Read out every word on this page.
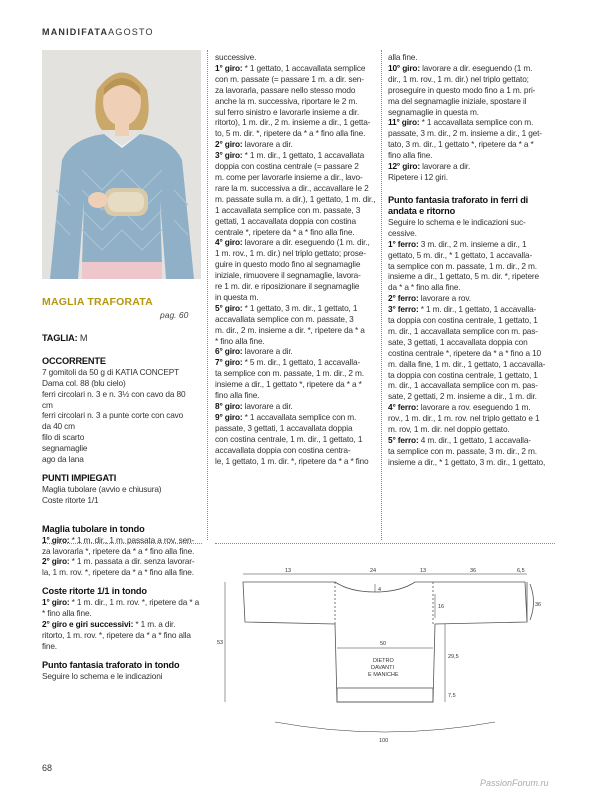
MANIDIFATAAGOSTO
MAGLIA TRAFORATA
pag. 60

TAGLIA: M

OCCORRENTE

7 gomitoli da 50 g di KATIA CONCEPT

Dama col. 88 (blu cielo)

ferri circolari n. 3 e n. 3½ con cavo da 80

cm

ferri circolari n. 3 a punte corte con cavo

da 40 cm

filo di scarto

segnamaglie

ago da lana

PUNTI IMPIEGATI

Maglia tubolare (avvio e chiusura)

Coste ritorte 1/1

Maglia tubolare in tondo

1° giro: * 1 m. dir., 1 m. passata a rov. sen-

za lavorarla *, ripetere da * a * fino alla fine.

2° giro: * 1 m. passata a dir. senza lavorar-

la, 1 m. rov. *, ripetere da * a * fino alla fine.

Coste ritorte 1/1 in tondo

1° giro: * 1 m. dir., 1 m. rov. *, ripetere da * a

* fino alla fine.

2° giro e giri successivi: * 1 m. a dir.

ritorto, 1 m. rov. *, ripetere da * a * fino alla

fine.

Punto fantasia traforato in tondo

Seguire lo schema e le indicazioni

successive.

1° giro: * 1 gettato, 1 accavallata semplice

con m. passate (= passare 1 m. a dir. sen-

za lavorarla, passare nello stesso modo

anche la m. successiva, riportare le 2 m.

sul ferro sinistro e lavorarle insieme a dir.

ritorto), 1 m. dir., 2 m. insieme a dir., 1 getta-

to, 5 m. dir. *, ripetere da * a * fino alla fine.

2° giro: lavorare a dir.

3° giro: * 1 m. dir., 1 gettato, 1 accavallata

doppia con costina centrale (= passare 2

m. come per lavorarle insieme a dir., lavo-

rare la m. successiva a dir., accavallare le 2

m. passate sulla m. a dir.), 1 gettato, 1 m. dir.,

1 accavallata semplice con m. passate, 3

gettati, 1 accavallata doppia con costina

centrale *, ripetere da * a * fino alla fine.

4° giro: lavorare a dir. eseguendo (1 m. dir.,

1 m. rov., 1 m. dir.) nel triplo gettato; prose-

guire in questo modo fino al segnamaglie

iniziale, rimuovere il segnamaglie, lavora-

re 1 m. dir. e riposizionare il segnamaglie

in questa m.

5° giro: * 1 gettato, 3 m. dir., 1 gettato, 1

accavallata semplice con m. passate, 3

m. dir., 2 m. insieme a dir. *, ripetere da * a

* fino alla fine.

6° giro: lavorare a dir.

7° giro: * 5 m. dir., 1 gettato, 1 accavalla-

ta semplice con m. passate, 1 m. dir., 2 m.

insieme a dir., 1 gettato *, ripetere da * a *

fino alla fine.

8° giro: lavorare a dir.

9° giro: * 1 accavallata semplice con m.

passate, 3 gettati, 1 accavallata doppia

con costina centrale, 1 m. dir., 1 gettato, 1

accavallata doppia con costina centra-

le, 1 gettato, 1 m. dir. *, ripetere da * a * fino

alla fine.

10° giro: lavorare a dir. eseguendo (1 m.

dir., 1 m. rov., 1 m. dir.) nel triplo gettato;

proseguire in questo modo fino a 1 m. pri-

ma del segnamaglie iniziale, spostare il

segnamaglie in questa m.

11° giro: * 1 accavallata semplice con m.

passate, 3 m. dir., 2 m. insieme a dir., 1 get-

tato, 3 m. dir., 1 gettato *, ripetere da * a *

fino alla fine.

12° giro: lavorare a dir.

Ripetere i 12 giri.

Punto fantasia traforato in ferri di
andata e ritorno

Seguire lo schema e le indicazioni suc-

cessive.

1° ferro: 3 m. dir., 2 m. insieme a dir., 1

gettato, 5 m. dir., * 1 gettato, 1 accavalla-

ta semplice con m. passate, 1 m. dir., 2 m.

insieme a dir., 1 gettato, 5 m. dir. *, ripetere

da * a * fino alla fine.

2° ferro: lavorare a rov.

3° ferro: * 1 m. dir., 1 gettato, 1 accavalla-

ta doppia con costina centrale, 1 gettato, 1

m. dir., 1 accavallata semplice con m. pas-

sate, 3 gettati, 1 accavallata doppia con

costina centrale *, ripetere da * a * fino a 10

m. dalla fine, 1 m. dir., 1 gettato, 1 accavalla-

ta doppia con costina centrale, 1 gettato, 1

m. dir., 1 accavallata semplice con m. pas-

sate, 2 gettati, 2 m. insieme a dir., 1 m. dir.

4° ferro: lavorare a rov. eseguendo 1 m.

rov., 1 m. dir., 1 m. rov. nel triplo gettato e 1

m. rov, 1 m. dir. nel doppio gettato.

5° ferro: 4 m. dir., 1 gettato, 1 accavalla-

ta semplice con m. passate, 3 m. dir., 2 m.

insieme a dir., * 1 gettato, 3 m. dir., 1 gettato,

13	24	13	36	6,5
4
16	36
53	50
29,5
7,5
100
DIETRO
DAVANTI
E MANICHE
68
PassionForum.ru
